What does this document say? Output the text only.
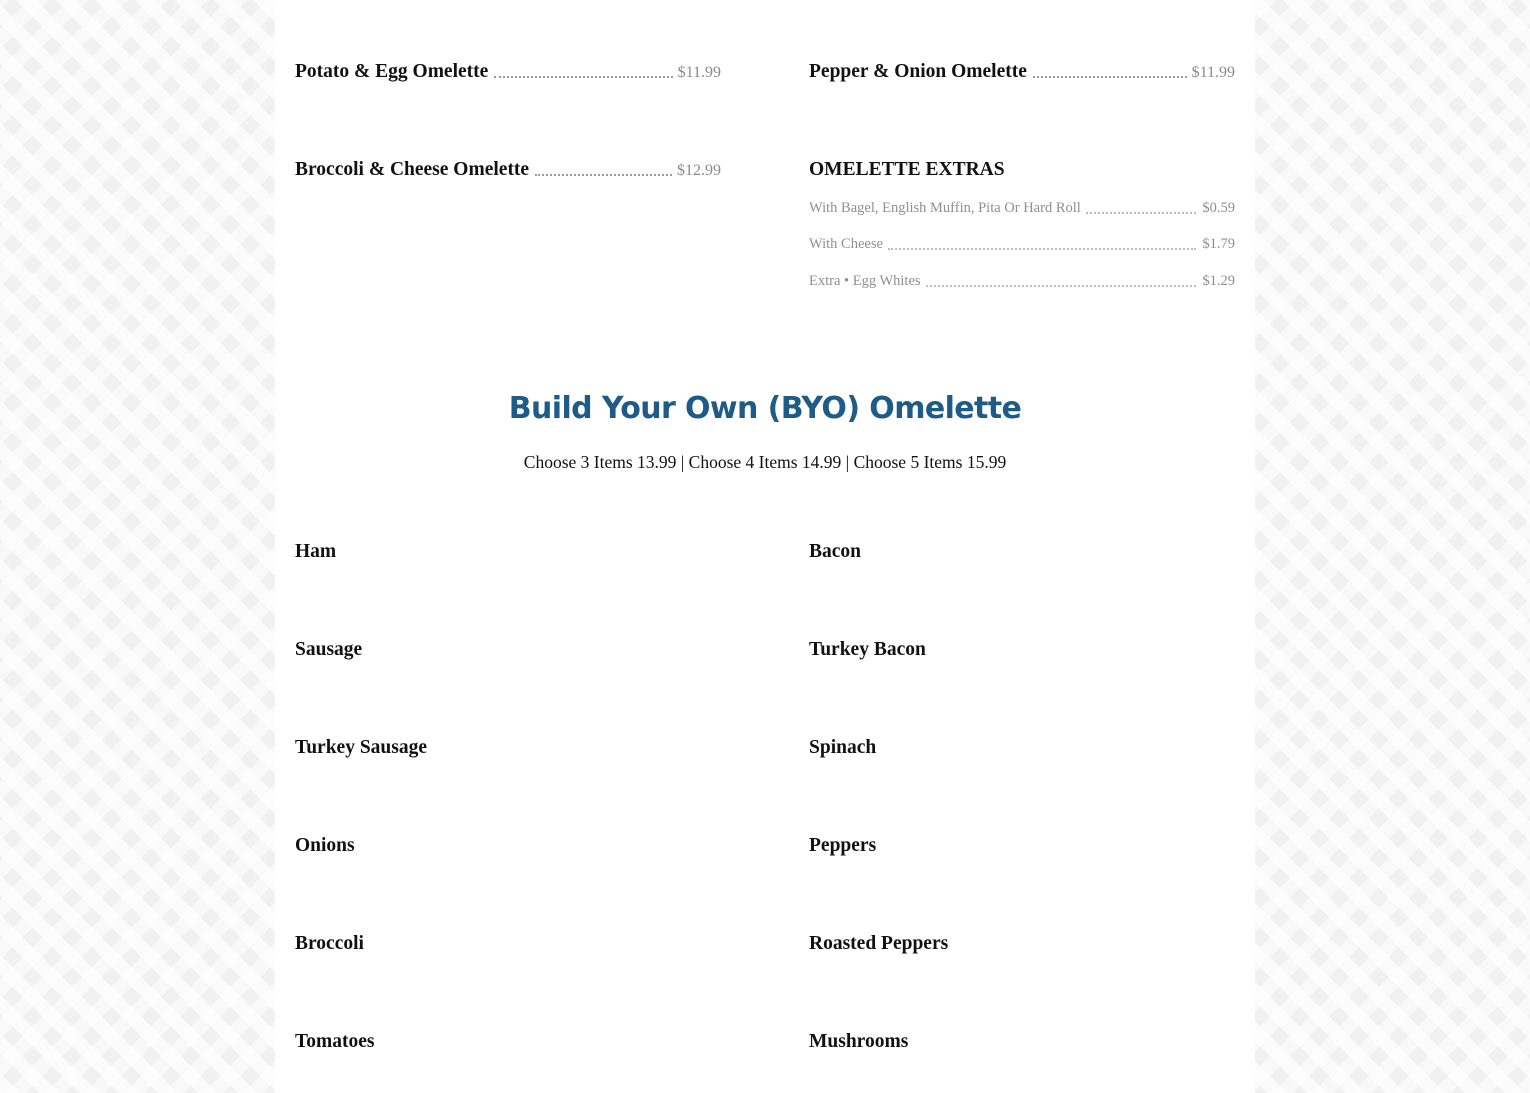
Potato & Egg Omelette	$11.99	Pepper & Onion Omelette	$11.99
Broccoli & Cheese Omelette	$12.99	OMELETTE EXTRAS
With Bagel, English Muffin, Pita Or Hard Roll	$0.59
With Cheese	$1.79
Extra • Egg Whites	$1.29
Build Your Own (BYO) Omelette
Choose 3 Items 13.99 | Choose 4 Items 14.99 | Choose 5 Items 15.99
Ham	Bacon
Sausage	Turkey Bacon
Turkey Sausage	Spinach
Onions	Peppers
Broccoli	Roasted Peppers
Tomatoes	Mushrooms
